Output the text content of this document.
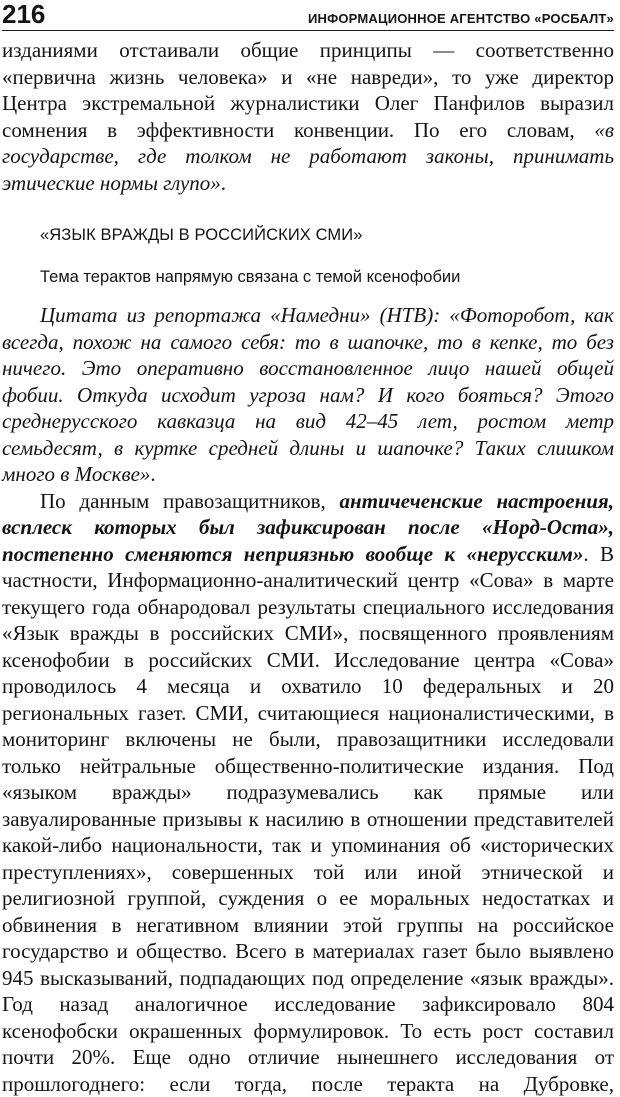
216	ИНФОРМАЦИОННОЕ АГЕНТСТВО «РОСБАЛТ»

изданиями отстаивали общие принципы — соответственно «первична жизнь человека» и «не навреди», то уже директор Центра экстремальной журналистики Олег Панфилов выразил сомнения в эффективности конвенции. По его словам, «в государстве, где толком не работают законы, принимать этические нормы глупо».

«ЯЗЫК ВРАЖДЫ В РОССИЙСКИХ СМИ»
Тема терактов напрямую связана с темой ксенофобии

Цитата из репортажа «Намедни» (НТВ): «Фоторобот, как всегда, похож на самого себя: то в шапочке, то в кепке, то без ничего. Это оперативно восстановленное лицо нашей общей фобии. Откуда исходит угроза нам? И кого бояться? Этого среднерусского кавказца на вид 42–45 лет, ростом метр семьдесят, в куртке средней длины и шапочке? Таких слишком много в Москве».

По данным правозащитников, античеченские настроения, всплеск которых был зафиксирован после «Норд-Оста», постепенно сменяются неприязнью вообще к «нерусским». В частности, Информационно-аналитический центр «Сова» в марте текущего года обнародовал результаты специального исследования «Язык вражды в российских СМИ», посвященного проявлениям ксенофобии в российских СМИ. Исследование центра «Сова» проводилось 4 месяца и охватило 10 федеральных и 20 региональных газет. СМИ, считающиеся националистическими, в мониторинг включены не были, правозащитники исследовали только нейтральные общественно-политические издания. Под «языком вражды» подразумевались как прямые или завуалированные призывы к насилию в отношении представителей какой-либо национальности, так и упоминания об «исторических преступлениях», совершенных той или иной этнической и религиозной группой, суждения о ее моральных недостатках и обвинения в негативном влиянии этой группы на российское государство и общество. Всего в материалах газет было выявлено 945 высказываний, подпадающих под определение «язык вражды». Год назад аналогичное исследование зафиксировало 804 ксенофобски окрашенных формулировок. То есть рост составил почти 20%. Еще одно отличие нынешнего исследования от прошлогоднего: если тогда, после теракта на Дубровке,
